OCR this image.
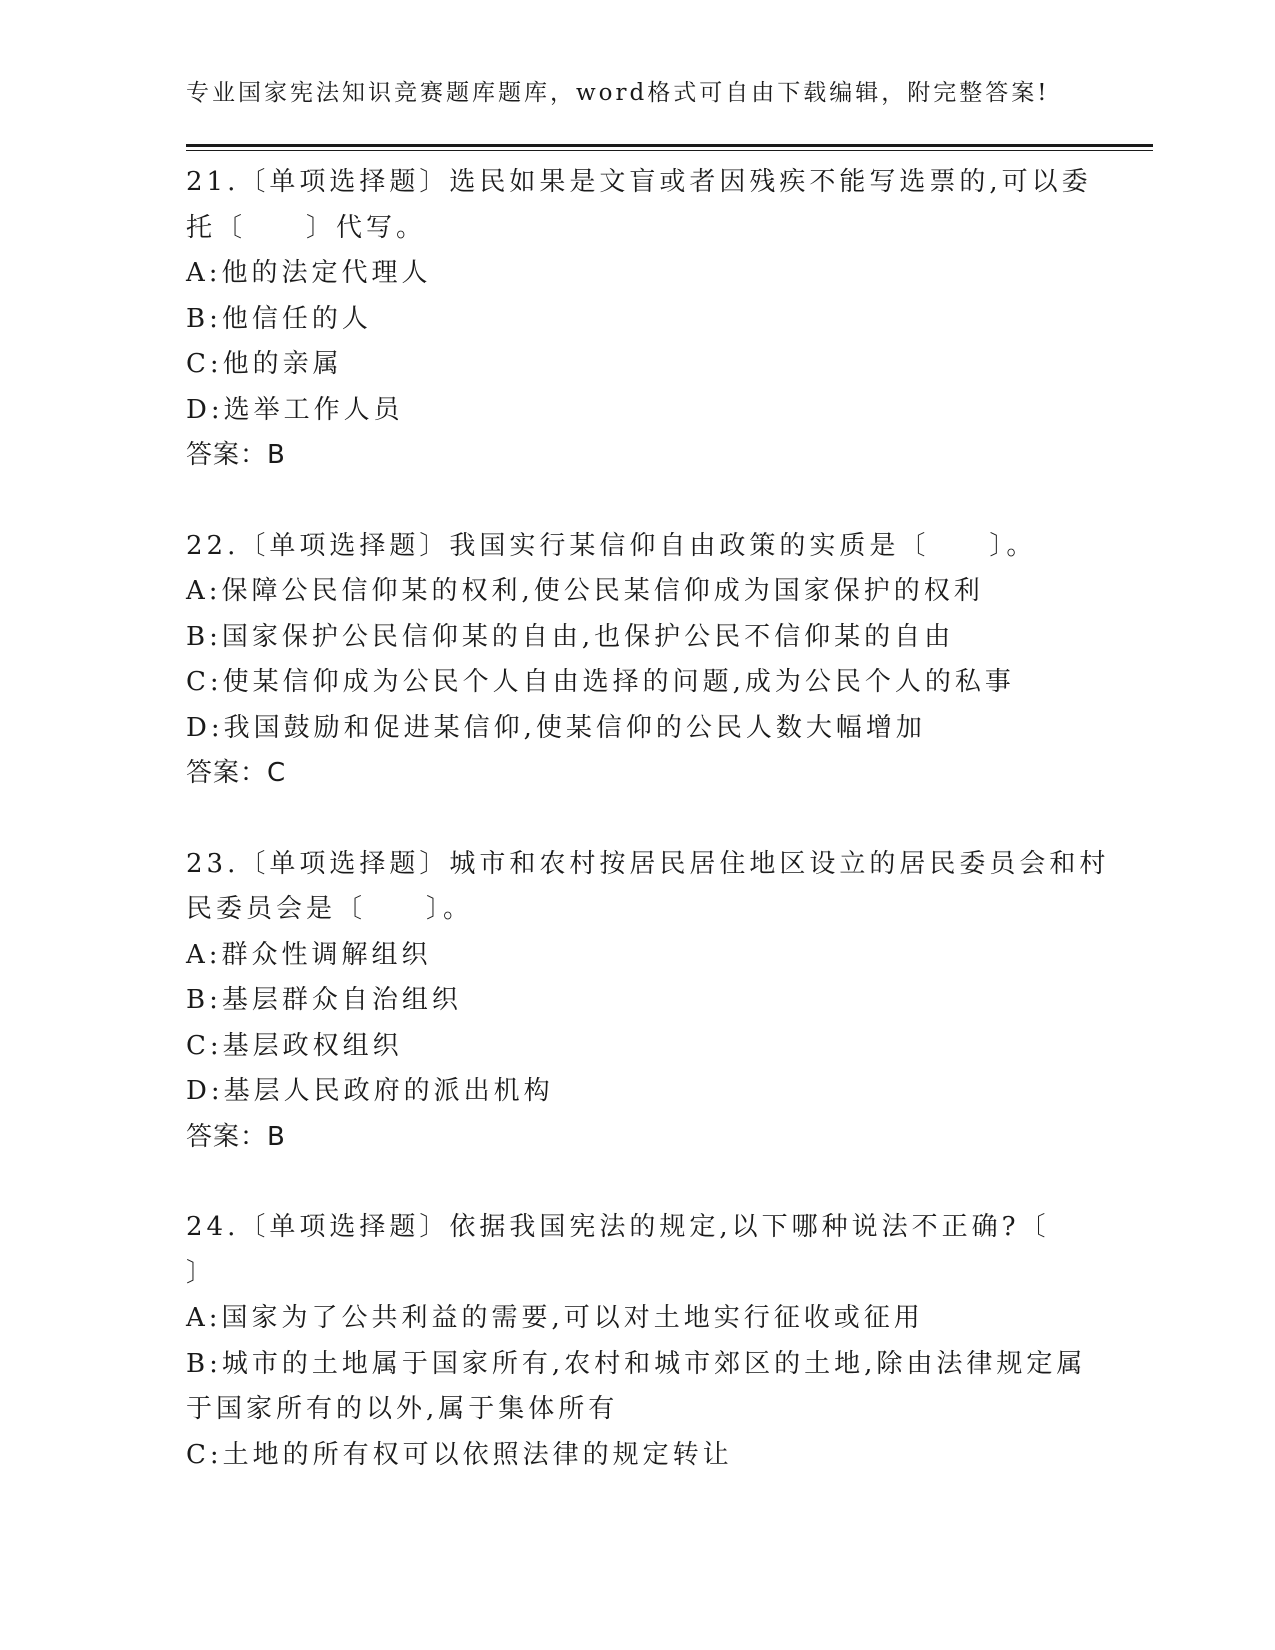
专业国家宪法知识竞赛题库题库，word格式可自由下载编辑，附完整答案!
21.〔单项选择题〕选民如果是文盲或者因残疾不能写选票的,可以委
托〔　　〕代写。
A:他的法定代理人
B:他信任的人
C:他的亲属
D:选举工作人员
答案：B
22.〔单项选择题〕我国实行某信仰自由政策的实质是〔　　〕。
A:保障公民信仰某的权利,使公民某信仰成为国家保护的权利
B:国家保护公民信仰某的自由,也保护公民不信仰某的自由
C:使某信仰成为公民个人自由选择的问题,成为公民个人的私事
D:我国鼓励和促进某信仰,使某信仰的公民人数大幅增加
答案：C
23.〔单项选择题〕城市和农村按居民居住地区设立的居民委员会和村
民委员会是〔　　〕。
A:群众性调解组织
B:基层群众自治组织
C:基层政权组织
D:基层人民政府的派出机构
答案：B
24.〔单项选择题〕依据我国宪法的规定,以下哪种说法不正确?〔
〕
A:国家为了公共利益的需要,可以对土地实行征收或征用
B:城市的土地属于国家所有,农村和城市郊区的土地,除由法律规定属
于国家所有的以外,属于集体所有
C:土地的所有权可以依照法律的规定转让
